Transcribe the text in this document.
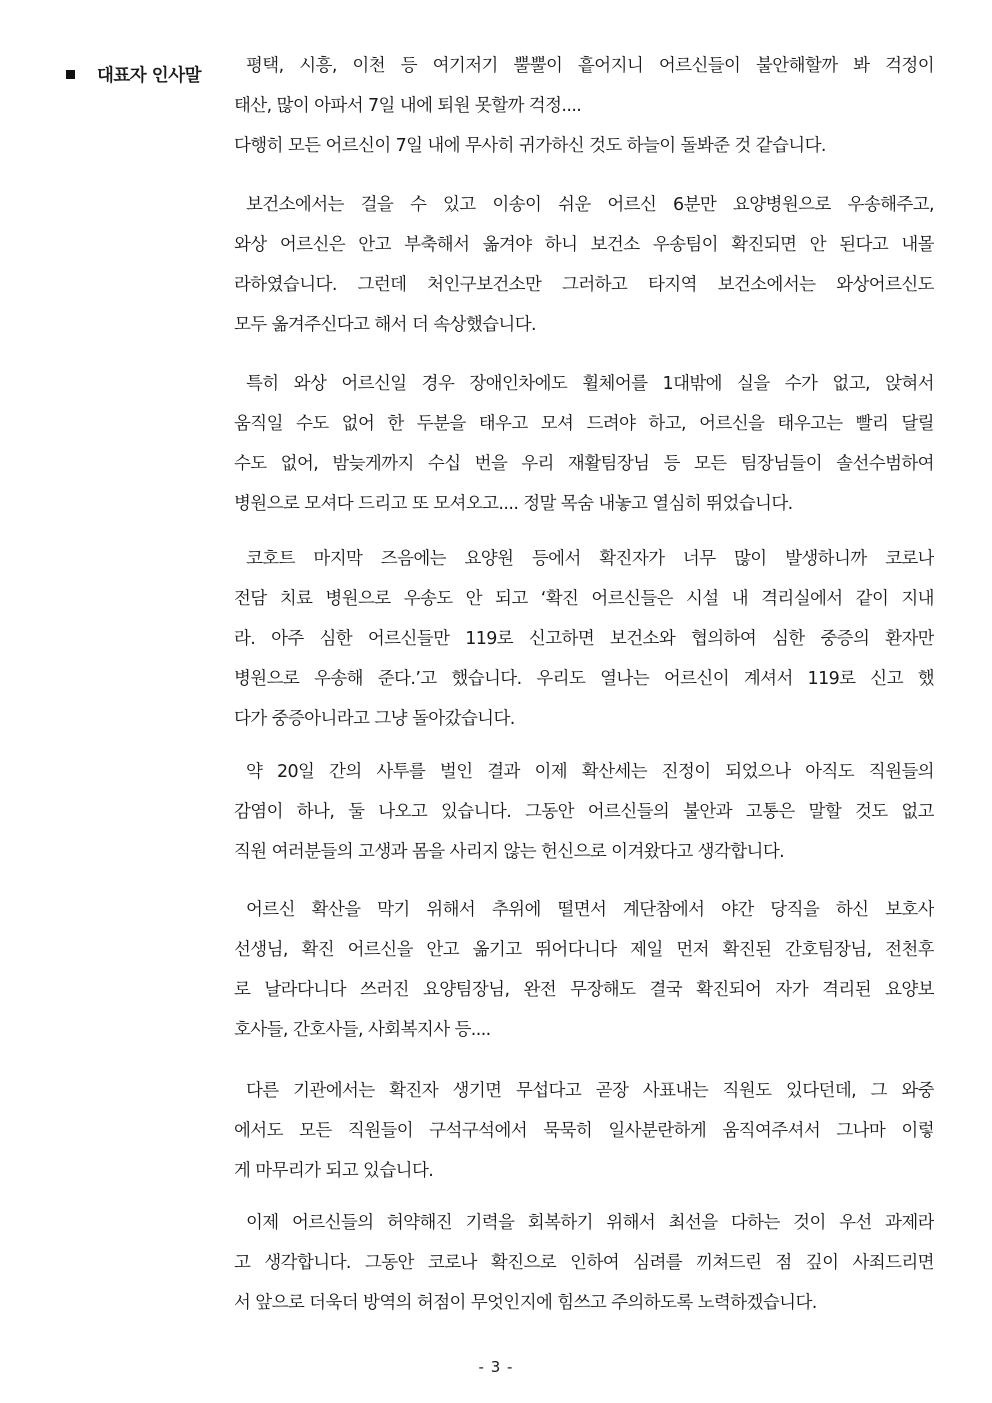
대표자 인사말	평택, 시흥, 이천 등 여기저기 뿔뿔이 흩어지니 어르신들이 불안해할까 봐 걱정이
태산, 많이 아파서 7일 내에 퇴원 못할까 걱정....
다행히 모든 어르신이 7일 내에 무사히 귀가하신 것도 하늘이 돌봐준 것 같습니다.
보건소에서는 걸을 수 있고 이송이 쉬운 어르신 6분만 요양병원으로 우송해주고,
와상 어르신은 안고 부축해서 옮겨야 하니 보건소 우송팀이 확진되면 안 된다고 내몰
라하였습니다. 그런데 처인구보건소만 그러하고 타지역 보건소에서는 와상어르신도
모두 옮겨주신다고 해서 더 속상했습니다.
특히 와상 어르신일 경우 장애인차에도 휠체어를 1대밖에 실을 수가 없고, 앉혀서
움직일 수도 없어 한 두분을 태우고 모셔 드려야 하고, 어르신을 태우고는 빨리 달릴
수도 없어, 밤늦게까지 수십 번을 우리 재활팀장님 등 모든 팀장님들이 솔선수범하여
병원으로 모셔다 드리고 또 모셔오고.... 정말 목숨 내놓고 열심히 뛰었습니다.
코호트 마지막 즈음에는 요양원 등에서 확진자가 너무 많이 발생하니까 코로나
전담 치료 병원으로 우송도 안 되고 ‘확진 어르신들은 시설 내 격리실에서 같이 지내
라. 아주 심한 어르신들만 119로 신고하면 보건소와 협의하여 심한 중증의 환자만
병원으로 우송해 준다.’고 했습니다. 우리도 열나는 어르신이 계셔서 119로 신고 했
다가 중증아니라고 그냥 돌아갔습니다.
약 20일 간의 사투를 벌인 결과 이제 확산세는 진정이 되었으나 아직도 직원들의
감염이 하나, 둘 나오고 있습니다. 그동안 어르신들의 불안과 고통은 말할 것도 없고
직원 여러분들의 고생과 몸을 사리지 않는 헌신으로 이겨왔다고 생각합니다.
어르신 확산을 막기 위해서 추위에 떨면서 계단참에서 야간 당직을 하신 보호사
선생님, 확진 어르신을 안고 옮기고 뛰어다니다 제일 먼저 확진된 간호팀장님, 전천후
로 날라다니다 쓰러진 요양팀장님, 완전 무장해도 결국 확진되어 자가 격리된 요양보
호사들, 간호사들, 사회복지사 등....
다른 기관에서는 확진자 생기면 무섭다고 곧장 사표내는 직원도 있다던데, 그 와중
에서도 모든 직원들이 구석구석에서 묵묵히 일사분란하게 움직여주셔서 그나마 이렇
게 마무리가 되고 있습니다.
이제 어르신들의 허약해진 기력을 회복하기 위해서 최선을 다하는 것이 우선 과제라
고 생각합니다. 그동안 코로나 확진으로 인하여 심려를 끼쳐드린 점 깊이 사죄드리면
서 앞으로 더욱더 방역의 허점이 무엇인지에 힘쓰고 주의하도록 노력하겠습니다.
- 3 -
